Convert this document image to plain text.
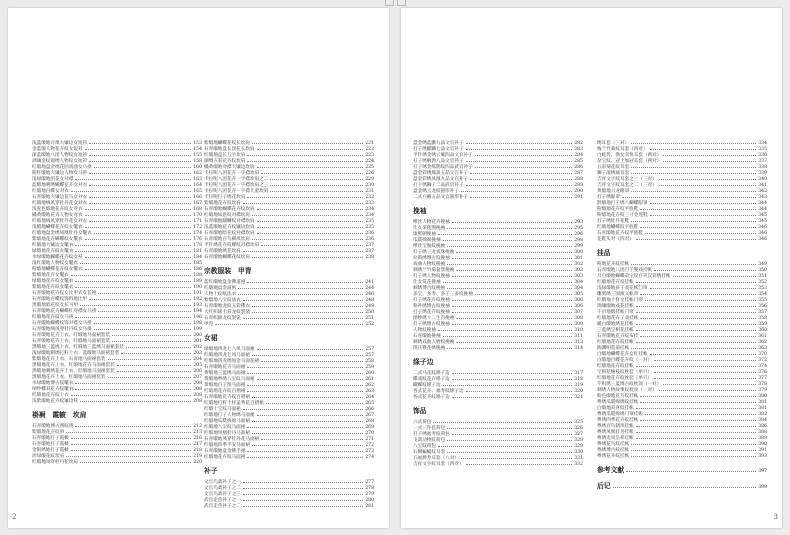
浅蓝缎地开煤大镶边女短衫	153
金蓝缎人物花卉纹女短衫	154
深蓝缎地八团人物纹女短衫	155
酒镶金纹锦绣人物纹女短衫	158
红缎地盘金绣花园戏曲女马褂	160
粉红缎地大镶边人物女马褂	162
浅绿缎地团花女对襟	163
蓝缎地刺绣蝴蝶花卉女对衣	164
红缎地百蝶女对衣	165
石青缎地大镶边花鸟女对衣	166
红缎地绒风穿牡丹花女对衣	167
浅驼色缎地花卉纹女对衣	168
橘黄缎地花卉人物女对衣	170
红缎地绒风穿牡丹花女对衣	171
浅缎地蝴蝶花卉纹女氅衣	172
红缎地盘金绣凤凰牡丹女氅衣	174
紫缎地花卉蝴蝶纹女氅衣	176
红缎地大镶边女氅衣	178
绿缎地花卉纹女氅衣	181
水绿缎地蝴蝶花卉纹女袄	184
浅红缎地人物纹女氅衣	185
粉缎地蝴蝶花卉纹女氅衣	186
紫缎地花卉女氅衣	188
绿缎地花卉纹女氅衣	189
紫缎地花卉纹女氅衣	190
石青缎地花卉纹女比甲式女长袍	191
石青缎地百蝶纹饰料地比甲	192
黑缎地暗花纹女长马甲	193
石青缎地花卉蝴蝶红对襟女马褂	194
红缎地花卉纹女马褂	196
石青缎地蝴蝶纹饰对襟女马褂	198
石青缎地绒风穿牡丹纹女马褂	199
石青缎地花卉上衣、红缎地马面裙套装	200
石青缎地花卉上衣、红缎地马面裙套装	201
黑缎地三蓝绣上衣、红缎地三蓝绣马面裙套装	202
浅绿缎地刺绣打籽上衣、蓝缎地马面裙套装	203
紫缎地花卉上衣、石青地马面裙套装	204
黑缎地花卉上衣、红缎地花卉马面裙套装	205
黑缎地刺绣花卉上衣、红缎地马面裙套装	206
黑缎地花卉上衣、红缎地马面裙套装	207
水绿缎地博古纹氅衣	208
纳纱蝶双花卉纹氅衣	208
红缎地花卉纹上衣	208
浅紫缎地花卉纹镶边袄	208
褂裥　霞帔　坎肩
石青缎地博古图纹褂	212
紫缎地花卉纹褂	213
石青缎地打子霞帔	216
石青缎地打子霞帔	217
金银绣地打子霞帔	218
淡绿缎花纹坎肩	219
红缎地凤穿牡丹花坎肩	220
紫缎地蝴蝶花纹长坎肩	221
石青缎地盘长团花长坎肩	222
红缎地盘长万字坎肩	223
湖绸五彩花卉纹坎肩	224
橘黄缎地对襟大镶边坎肩	225
卡拉呢八团花卉一字襟坎肩	226
卡拉呢八团花卉一字襟坎肩之二	229
卡拉呢八团花卉一字襟坎肩之三	230
卡拉呢八团花卉一字襟儿童坎肩	231
卡拉呢打子绣花坎肩	232
紫缎地花卉纹坎肩	233
石青缎地蝴蝶花卉纹坎肩	234
红缎地如意纹对襟坎肩	234
石青缎地麒麟纹对襟坎肩	235
浅蓝缎地花卉纹镶边坎肩	235
石青缎地暗花纹对襟坎肩	236
石青缎地百鸟朝凤坎肩	236
平针绣花卉纹蝶纹对襟坎肩	237
石青缎地绣花坎肩	237
石青缎地蝴蝶花纹坎肩	238
宗教服装　甲胄
蓝红缎地盘金佛道袍	241
红缎地盘金道袍	244
人物十纹纸法衣	246
紫缎地八宝纹法衣	248
石青缎地龙纹五彩佛衣	249
大红织锦七彩龙纹袈裟	250
石青织锦龙纹袈裟	251
甲胄	252
女裙
绿缎地四龙七八凤马面裙	257
红缎地四龙七凤马面裙	257
红缎地四龙绣加金马面花裙	258
石青缎地花卉马面裙	259
黄缎地三蓝绣马面裙	260
黄缎地粤绣八宝纹马面裙	261
黄缎地百子图马面裙	262
红缎地花卉纹百褶裙	263
石青缎地花卉纹百褶裙	264
红缎地打籽十样盖秀花百褶裙	265
红缎十宝纹马面裙	266
红缎地打子人物绣马面裙	267
红缎地瓜瓞绵绵马面裙	268
红缎地八宝纹马面裙	269
红缎地凤凰牡丹马面裙	270
石青缎地凤穿牡丹花马面裙	271
红缎地四季平安马面裙	272
石青缎地盘金佛手裙	273
红缎地花卉纹马面裙	274
补子
文官鸟禽补子之一	277
文官鸟禽补子之二	278
文官鸟禽补子之三	279
武官走兽补子之一	280
武官走兽补子之二	281
2
盘金绣蓝鹏九品文官补子	282
打子绣麒麟七品文官补子	283
平针绣金绣云雁四品文官补子	284
打子绣鹌鹑八品文官补子	285
打子绣金练鹊纹四品武官补子	286
盘金彩绣熊罴五品文官补子	287
盘金彩绣凤凰九品文官补子	288
打子绣狮子二品武官补子	289
盘金绣云龙纹圆形补子	290
二式白鹇五品文官圆形补子	291
挽袖
缂丝人物花卉挽袖	293
仕女采莲图挽袖	295
康熙朝挽袖	296
瓜瓞绵绵挽袖	298
缂丝宝瓶纹挽袖	299
打子绣三龙戏珠挽袖	300
拉锁绣博古纹挽袖	301
戏曲人物纹挽袖	302
刺绣兰竹菊盆景挽袖	303
打子绣人物纹挽袖	303
仕女赏花挽袖	304
刺绣博古纹挽袖	304
多宝、多寿、多子三多纹挽袖	305
打子绣花卉纹挽袖	306
粘补绣博古纹挽袖	306
打子绣花卉纹挽袖	307
纳纱绣十二生肖挽袖	308
打子绣博古纹挽袖	309
人物纹挽袖	310
石青缎地挽袖	311
刺绣戏曲人物纹挽袖	313
琪庄暨花绣挽袖	314
绦子边
二式马花纹绦子边	317
蝶戏纹花卉绦子边	318
蝴蝶纹绦子边	319
各式花卉、福寿纹绦子边	320
各式花卉纹绦子边	321
饰品
六式荷包	325
一式三件套荷包	326
打子绣福寿纹荷包	327
飞禽动物纹荷包	328
八宝纹荷包	329
石榴蝙蝠纹耳套	330
五福捧寿耳套（八对）	331
吉祥文字纹耳套（四对）	332
绣耳套（三对）	334
梅兰竹菊纹耳套（四对）	335
白蛇传、渔女卖鱼耳套（两对）	336
杂宝纹、冠上加冠耳套（两对）	337
五彩菊花纹耳套	338
狮子滚绣球耳套	339
吉祥文字纹耳套之一（三对）	340
吉祥文字纹耳套之二（三对）	341
黄缎地云龙眼罩	342
打子绣眼罩	343
黔缎地打子绣八蝴蝶眼罩	344
粉缎地花卉纹平底鞋	344
粉缎地花卉纹三寸金莲鞋	345
打子绣牡丹花鞋	345
红缎地蝴蝶纹平底鞋	346
石青缎地花卉纹平底鞋	346
花鞋头对（四对）	346
挂品
粉地花卉纹挂帐	349
石青缎地八团百子婴戏挂帐	350
月白缎地蝴蝶杂宝纹百笑汉彩绣挂帐	351
红缎地花卉纹挂帐	352
浅绿缎地孩子戏花帐门帘	353
雕刻绣三国演义帐帘	354
红缎地十样文挂帐门帘	355
锦镶缎地戏花挂帐	356
千层地缎挂帐门帘	357
红缎地花卉子戏挂帐	358
暖白缎地绣花挂帐	359
三蓝绣宝相花挂帐	360
石青缎地花卉纹布挂	361
红缎地花卉纹挂帐	362
陶渊明赏菊挂帐	363
白缎地蝴蝶花卉女红挂帐	370
白缎地百蝶花卉纹（一对）	372
红缎地花卉纹挂帐	374
宝相花缠枝纹枕套（单只）	376
红缎地花卉纹枕套（单只）	377
芋织绣三蓝博古纹枕顶（一对）	378
刺绣人物故事纹枕顶（一对）	379
粉色缎地花鸟纹挂帐	380
粤绣瓜瓞绵绵纹挂帐	381
白缎地双喜纹挂帐	381
粤绣瓜瓞绵绵门帘挂帐	382
粤绣四季花卉纹挂帐	384
粤绣百鸟朝凤挂帐	386
粤绣凤凰牡丹挂帐	388
粤绣龙凤呈祥挂帐	389
粤绣花鸟纹挂帐	390
粤绣博古纹挂帐	391
粤绣花卉纹挂帐	393
参考文献	397
后记	399
3
